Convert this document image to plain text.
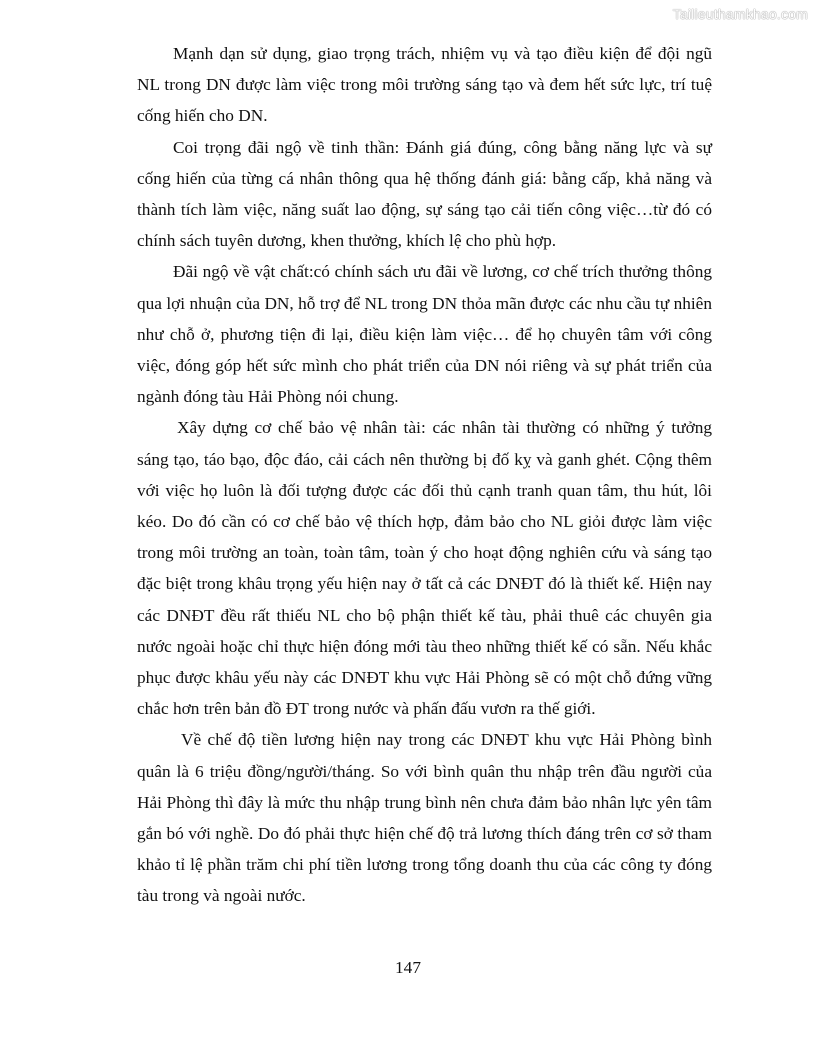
Tailieuthamkhao.com

Mạnh dạn sử dụng, giao trọng trách, nhiệm vụ và tạo điều kiện để đội ngũ NL trong DN được làm việc trong môi trường sáng tạo và đem hết sức lực, trí tuệ cống hiến cho DN.

Coi trọng đãi ngộ về tinh thần: Đánh giá đúng, công bằng năng lực và sự cống hiến của từng cá nhân thông qua hệ thống đánh giá: bằng cấp, khả năng và thành tích làm việc, năng suất lao động, sự sáng tạo cải tiến công việc…từ đó có chính sách tuyên dương, khen thưởng, khích lệ cho phù hợp.

Đãi ngộ về vật chất:có chính sách ưu đãi về lương, cơ chế trích thưởng thông qua lợi nhuận của DN, hỗ trợ để NL trong DN thỏa mãn được các nhu cầu tự nhiên như chỗ ở, phương tiện đi lại, điều kiện làm việc… để họ chuyên tâm với công việc, đóng góp hết sức mình cho phát triển của DN nói riêng và sự phát triển của ngành đóng tàu Hải Phòng nói chung.

Xây dựng cơ chế bảo vệ nhân tài: các nhân tài thường có những ý tưởng sáng tạo, táo bạo, độc đáo, cải cách nên thường bị đố kỵ và ganh ghét. Cộng thêm với việc họ luôn là đối tượng được các đối thủ cạnh tranh quan tâm, thu hút, lôi kéo. Do đó cần có cơ chế bảo vệ thích hợp, đảm bảo cho NL giỏi được làm việc trong môi trường an toàn, toàn tâm, toàn ý cho hoạt động nghiên cứu và sáng tạo đặc biệt trong khâu trọng yếu hiện nay ở tất cả các DNĐT đó là thiết kế. Hiện nay các DNĐT đều rất thiếu NL cho bộ phận thiết kế tàu, phải thuê các chuyên gia nước ngoài hoặc chỉ thực hiện đóng mới tàu theo những thiết kế có sẵn. Nếu khắc phục được khâu yếu này các DNĐT khu vực Hải Phòng sẽ có một chỗ đứng vững chắc hơn trên bản đồ ĐT trong nước và phấn đấu vươn ra thế giới.

Về chế độ tiền lương hiện nay trong các DNĐT khu vực Hải Phòng bình quân là 6 triệu đồng/người/tháng. So với bình quân thu nhập trên đầu người của Hải Phòng thì đây là mức thu nhập trung bình nên chưa đảm bảo nhân lực yên tâm gắn bó với nghề. Do đó phải thực hiện chế độ trả lương thích đáng trên cơ sở tham khảo tỉ lệ phần trăm chi phí tiền lương trong tổng doanh thu của các công ty đóng tàu trong và ngoài nước.

147
